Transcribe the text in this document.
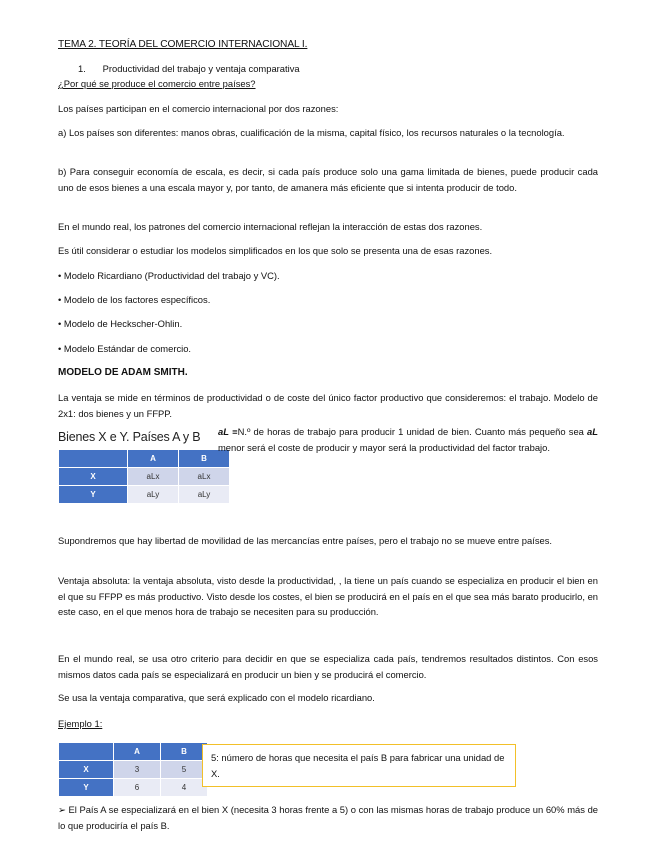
TEMA 2. TEORÍA DEL COMERCIO INTERNACIONAL I.
1. Productividad del trabajo y ventaja comparativa
¿Por qué se produce el comercio entre países?

Los países participan en el comercio internacional por dos razones:

a) Los países son diferentes: manos obras, cualificación de la misma, capital físico, los recursos naturales o la tecnología.

b) Para conseguir economía de escala, es decir, si cada país produce solo una gama limitada de bienes, puede producir cada uno de esos bienes a una escala mayor y, por tanto, de amanera más eficiente que si intenta producir de todo.

En el mundo real, los patrones del comercio internacional reflejan la interacción de estas dos razones.

Es útil considerar o estudiar los modelos simplificados en los que solo se presenta una de esas razones.

• Modelo Ricardiano (Productividad del trabajo y VC).

• Modelo de los factores específicos.

• Modelo de Heckscher-Ohlin.

• Modelo Estándar de comercio.

MODELO DE ADAM SMITH.

La ventaja se mide en términos de productividad o de coste del único factor productivo que consideremos: el trabajo. Modelo de 2x1: dos bienes y un FFPP.

Bienes X e Y. Países A y B
	A	B
X	aLx	aLx
Y	aLy	aLy

aL ≡N.º de horas de trabajo para producir 1 unidad de bien. Cuanto más pequeño sea aL menor será el coste de producir y mayor será la productividad del factor trabajo.

Supondremos que hay libertad de movilidad de las mercancías entre países, pero el trabajo no se mueve entre países.

Ventaja absoluta: la ventaja absoluta, visto desde la productividad, , la tiene un país cuando se especializa en producir el bien en el que su FFPP es más productivo. Visto desde los costes, el bien se producirá en el país en el que sea más barato producirlo, en este caso, en el que menos hora de trabajo se necesiten para su producción.

En el mundo real, se usa otro criterio para decidir en que se especializa cada país, tendremos resultados distintos. Con esos mismos datos cada país se especializará en producir un bien y se producirá el comercio.

Se usa la ventaja comparativa, que será explicado con el modelo ricardiano.

Ejemplo 1:
	A	B
X	3	5
Y	6	4
5: número de horas que necesita el país B para fabricar una unidad de X.

➢ El País A se especializará en el bien X (necesita 3 horas frente a 5) o con las mismas horas de trabajo produce un 60% más de lo que produciría el país B.
